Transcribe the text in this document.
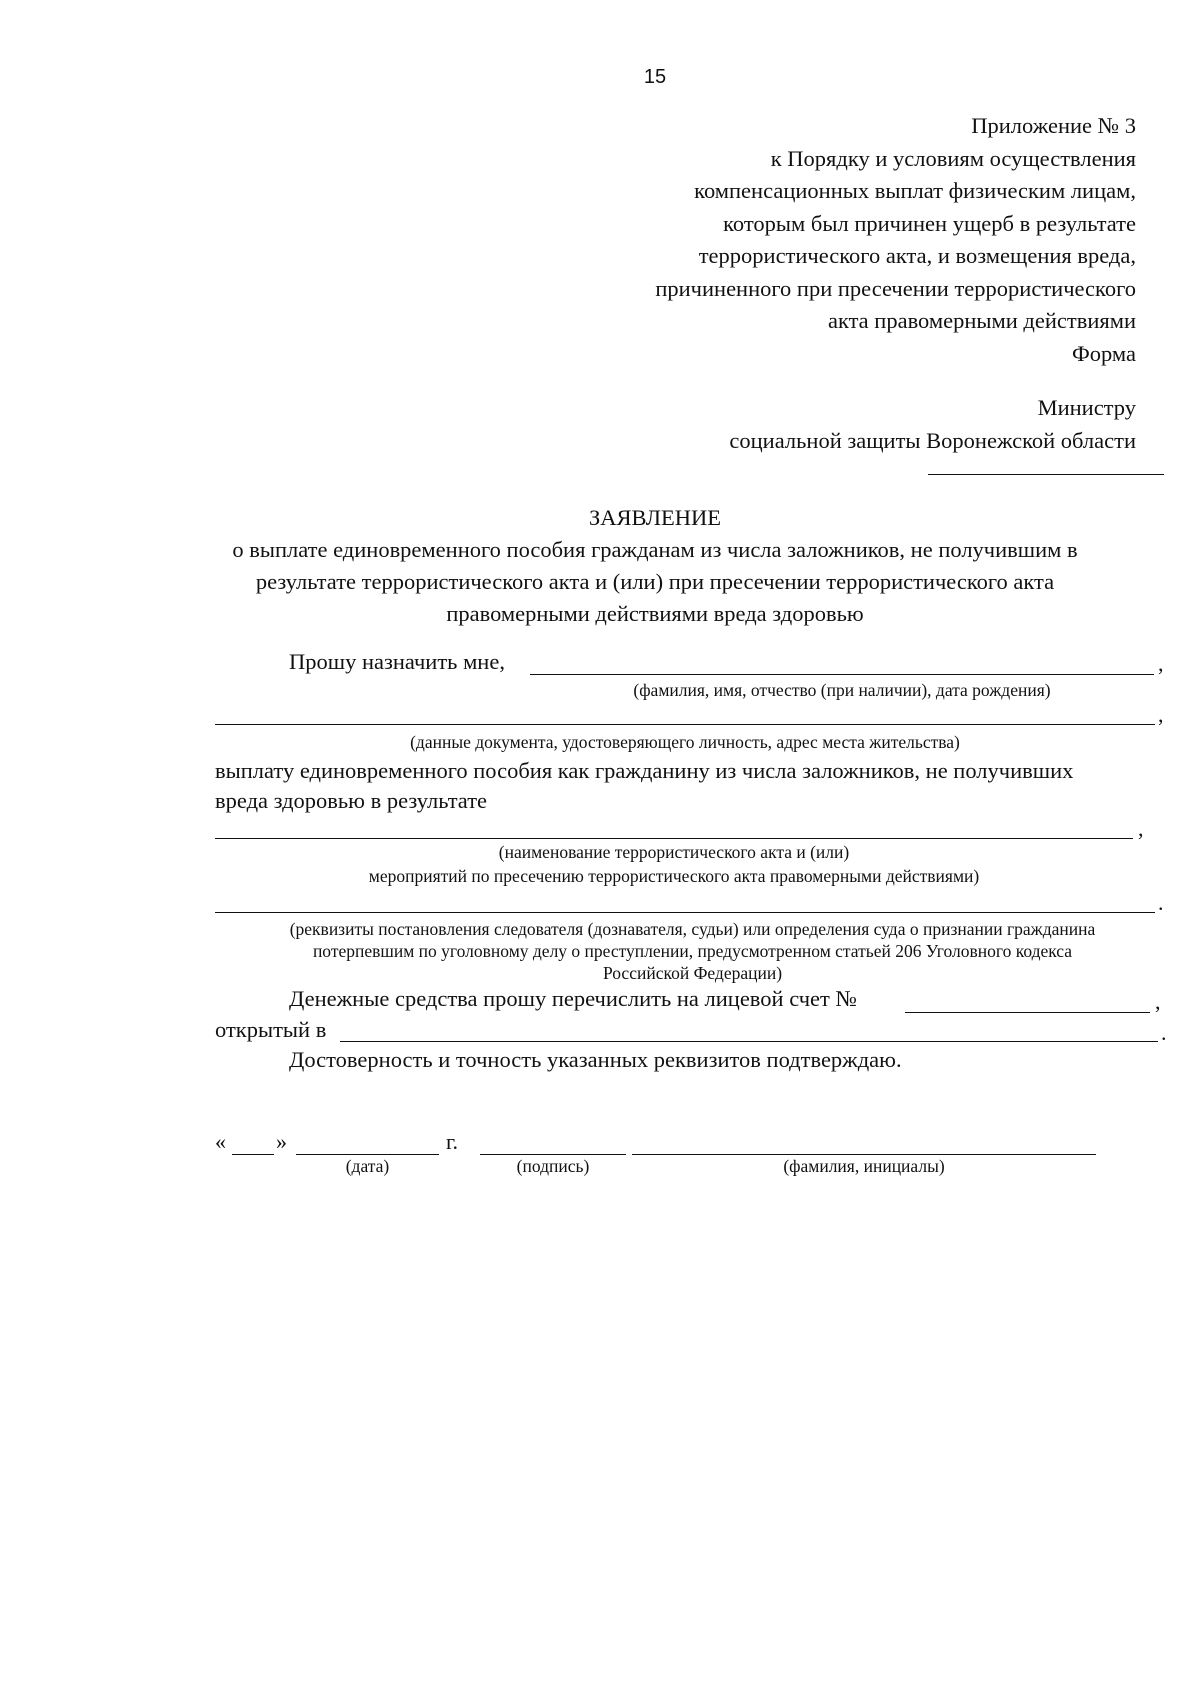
15
Приложение № 3
к Порядку и условиям осуществления
компенсационных выплат физическим лицам,
которым был причинен ущерб в результате
террористического акта, и возмещения вреда,
причиненного при пресечении террористического
акта правомерными действиями
Форма
Министру
социальной защиты Воронежской области
ЗАЯВЛЕНИЕ
о выплате единовременного пособия гражданам из числа заложников, не получившим в
результате террористического акта и (или) при пресечении террористического акта
правомерными действиями вреда здоровью
Прошу назначить мне,	,
(фамилия, имя, отчество (при наличии), дата рождения)
,
(данные документа, удостоверяющего личность, адрес места жительства)
выплату единовременного пособия как гражданину из числа заложников, не получивших
вреда здоровью в результате
,
(наименование террористического акта и (или)
мероприятий по пресечению террористического акта правомерными действиями)
.
(реквизиты постановления следователя (дознавателя, судьи) или определения суда о признании гражданина
потерпевшим по уголовному делу о преступлении, предусмотренном статьей 206 Уголовного кодекса
Российской Федерации)
Денежные средства прошу перечислить на лицевой счет №	,
открытый в	.
Достоверность и точность указанных реквизитов подтверждаю.
« »	г.
(дата)	(подпись)	(фамилия, инициалы)
